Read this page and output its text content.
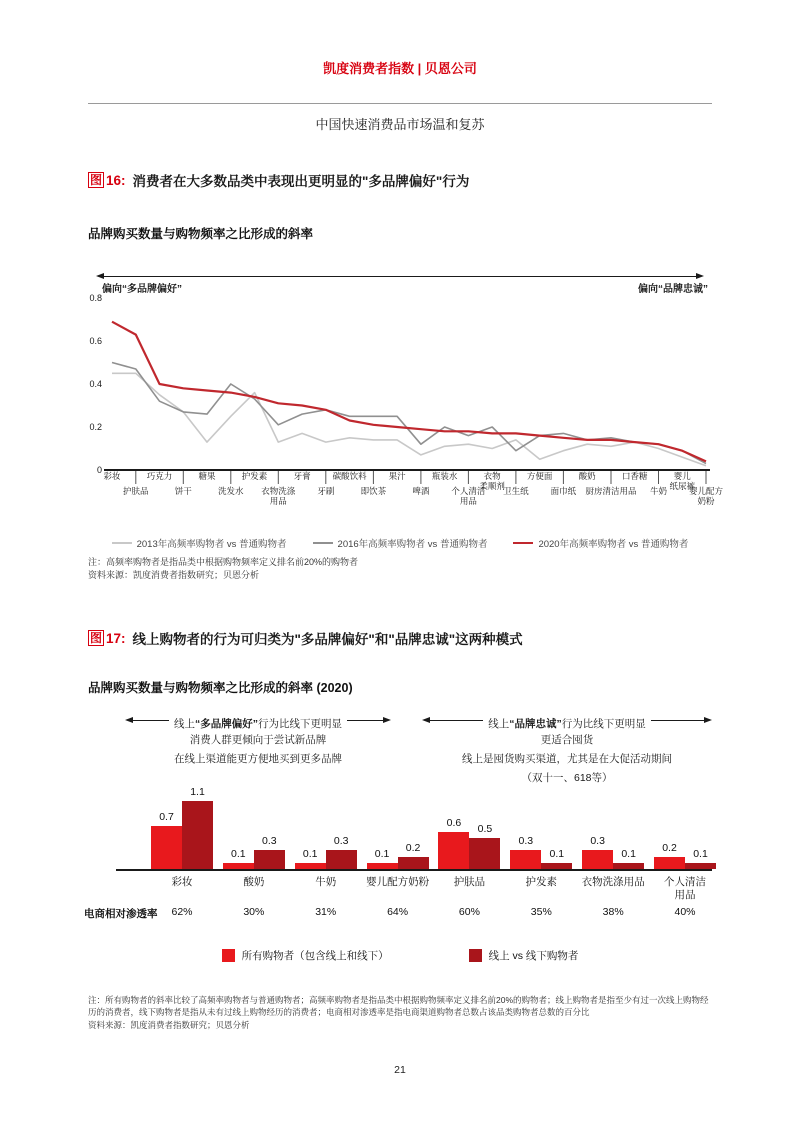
凯度消费者指数 | 贝恩公司
中国快速消费品市场温和复苏
图 16: 消费者在大多数品类中表现出更明显的"多品牌偏好"行为
品牌购买数量与购物频率之比形成的斜率
偏向“多品牌偏好”	偏向“品牌忠诚”
0
0.2
0.4
0.6
0.8
彩妆
护肤品
巧克力
饼干
糖果
洗发水
护发素
衣物洗涤
用品
牙膏
牙刷
碳酸饮料
即饮茶
果汁
啤酒
瓶装水
个人清洁
用品
衣物
柔顺剂
卫生纸
方便面
面巾纸
酸奶
厨房清洁用品
口香糖
牛奶
婴儿
纸尿裤
婴儿配方
奶粉
2013年高频率购物者 vs 普通购物者	2016年高频率购物者 vs 普通购物者	2020年高频率购物者 vs 普通购物者
注：高频率购物者是指品类中根据购物频率定义排名前20%的购物者
资料来源：凯度消费者指数研究；贝恩分析
图 17: 线上购物者的行为可归类为"多品牌偏好"和"品牌忠诚"这两种模式
品牌购买数量与购物频率之比形成的斜率 (2020)
线上“多品牌偏好”行为比线下更明显
消费人群更倾向于尝试新品牌
在线上渠道能更方便地买到更多品牌
线上“品牌忠诚”行为比线下更明显
更适合囤货
线上是囤货购买渠道，尤其是在大促活动期间
（双十一、618等）
电商相对渗透率
0.7
1.1
彩妆
62%
0.1
0.3
酸奶
30%
0.1
0.3
牛奶
31%
0.1
0.2
婴儿配方奶粉
64%
0.6
0.5
护肤品
60%
0.3
0.1
护发素
35%
0.3
0.1
衣物洗涤用品
38%
0.2
0.1
个人清洁
用品
40%
所有购物者（包含线上和线下）	线上 vs 线下购物者
注：所有购物者的斜率比较了高频率购物者与普通购物者；高频率购物者是指品类中根据购物频率定义排名前20%的购物者；线上购物者是指至少有过一次线上购物经历的消费者，线下购物者是指从未有过线上购物经历的消费者；电商相对渗透率是指电商渠道购物者总数占该品类购物者总数的百分比
资料来源：凯度消费者指数研究；贝恩分析
21
